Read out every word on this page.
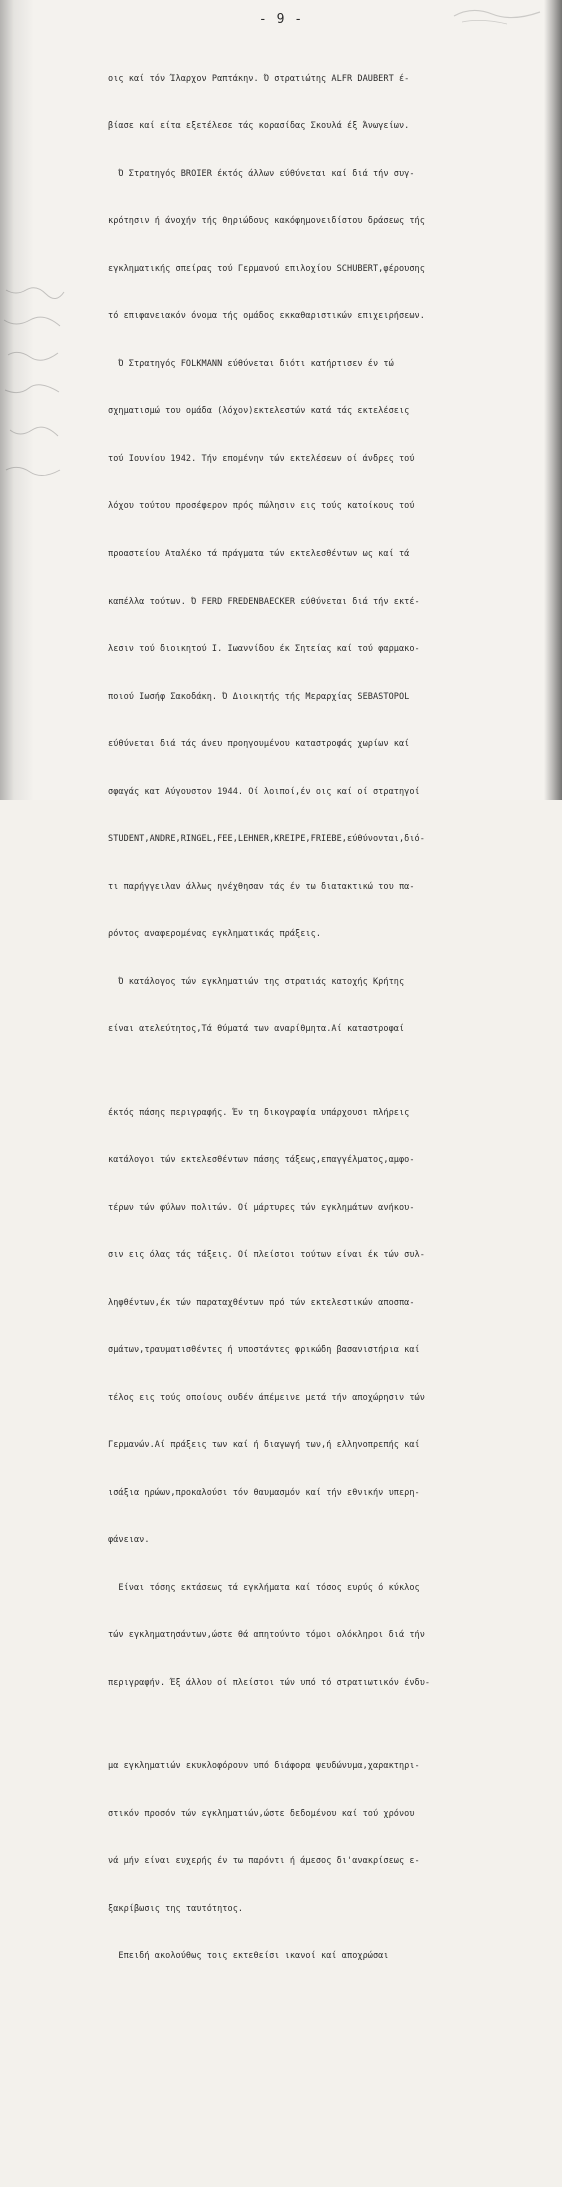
- 9 -

οις καί τόν Ίλαρχον Ραπτάκην. Ό στρατιώτης ALFR DAUBERT έ-

βίασε καί είτα εξετέλεσε τάς κορασίδας Σκουλά έξ Άνωγείων.

Ό Στρατηγός BROIER έκτός άλλων εύθύνεται καί διά τήν συγ-

κρότησιν ή άνοχήν τής θηριώδους κακόφημονειδίστου δράσεως τής

εγκληματικής σπείρας τού Γερμανού επιλοχίου SCHUBERT,φέρουσης

τό επιφανειακόν όνομα τής ομάδος εκκαθαριστικών επιχειρήσεων.

Ό Στρατηγός FOLKMANN εύθύνεται διότι κατήρτισεν έν τώ

σχηματισμώ του ομάδα (λόχον)εκτελεστών κατά τάς εκτελέσεις

τού Ιουνίου 1942. Τήν επομένην τών εκτελέσεων οί άνδρες τού

λόχου τούτου προσέφερον πρός πώλησιν εις τούς κατοίκους τού

προαστείου Αταλέκο τά πράγματα τών εκτελεσθέντων ως καί τά

καπέλλα τούτων. Ό FERD FREDENBAECKER εύθύνεται διά τήν εκτέ-

λεσιν τού διοικητού Ι. Ιωαννίδου έκ Σητείας καί τού φαρμακο-

ποιού Ιωσήφ Σακοδάκη. Ό Διοικητής τής Μεραρχίας SEBASTOPOL

εύθύνεται διά τάς άνευ προηγουμένου καταστροφάς χωρίων καί

σφαγάς κατ Αύγουστον 1944. Οί λοιποί,έν οις καί οί στρατηγοί

STUDENT,ANDRE,RINGEL,FEE,LEHNER,KREIPE,FRIEBE,εύθύνονται,διό-

τι παρήγγειλαν άλλως ηνέχθησαν τάς έν τω διατακτικώ του πα-

ρόντος αναφερομένας εγκληματικάς πράξεις.

Ό κατάλογος τών εγκληματιών της στρατιάς κατοχής Κρήτης

είναι ατελεύτητος,Τά θύματά των αναρίθμητα.Αί καταστροφαί

έκτός πάσης περιγραφής. Έν τη δικογραφία υπάρχουσι πλήρεις

κατάλογοι τών εκτελεσθέντων πάσης τάξεως,επαγγέλματος,αμφο-

τέρων τών φύλων πολιτών. Οί μάρτυρες τών εγκλημάτων ανήκου-

σιν εις όλας τάς τάξεις. Οί πλείστοι τούτων είναι έκ τών συλ-

ληφθέντων,έκ τών παραταχθέντων πρό τών εκτελεστικών αποσπα-

σμάτων,τραυματισθέντες ή υποστάντες φρικώδη βασανιστήρια καί

τέλος εις τούς οποίους ουδέν άπέμεινε μετά τήν αποχώρησιν τών

Γερμανών.Αί πράξεις των καί ή διαγωγή των,ή ελληνοπρεπής καί

ισάξια ηρώων,προκαλούσι τόν θαυμασμόν καί τήν εθνικήν υπερη-

φάνειαν.

Είναι τόσης εκτάσεως τά εγκλήματα καί τόσος ευρύς ό κύκλος

τών εγκληματησάντων,ώστε θά απητούντο τόμοι ολόκληροι διά τήν

περιγραφήν. Έξ άλλου οί πλείστοι τών υπό τό στρατιωτικόν ένδυ-

μα εγκληματιών εκυκλοφόρουν υπό διάφορα ψευδώνυμα,χαρακτηρι-

στικόν προσόν τών εγκληματιών,ώστε δεδομένου καί τού χρόνου

νά μήν είναι ευχερής έν τω παρόντι ή άμεσος δι'ανακρίσεως ε-

ξακρίβωσις της ταυτότητος.

Επειδή ακολούθως τοις εκτεθείσι ικανοί καί αποχρώσαι
